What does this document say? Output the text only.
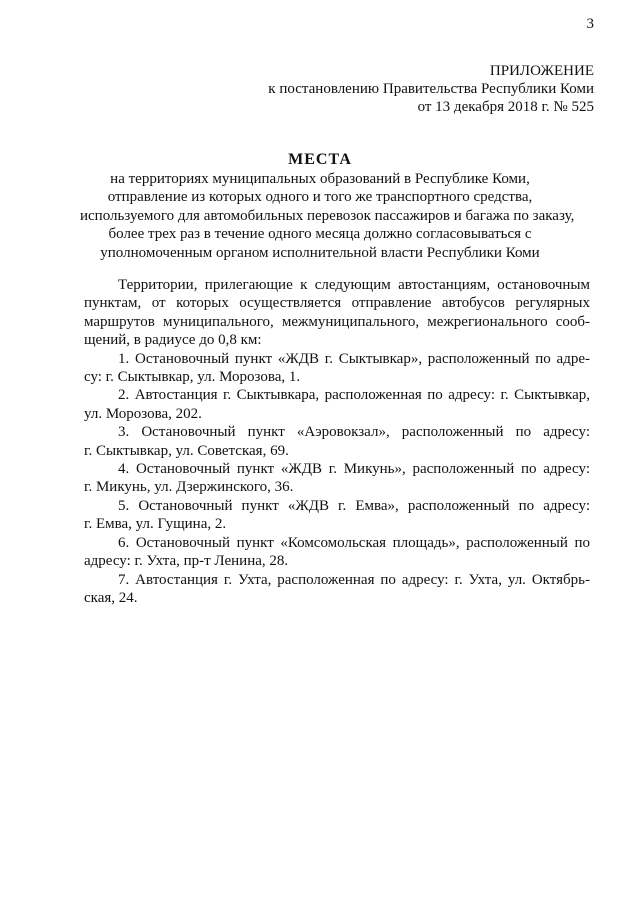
3
ПРИЛОЖЕНИЕ
к постановлению Правительства Республики Коми
от 13 декабря 2018 г. № 525
МЕСТА
на территориях муниципальных образований в Республике Коми,
отправление из которых одного и того же транспортного средства,
используемого для автомобильных перевозок пассажиров и багажа по заказу,
более трех раз в течение одного месяца должно согласовываться с
уполномоченным органом исполнительной власти Республики Коми
Территории, прилегающие к следующим автостанциям, остановочным
пунктам, от которых осуществляется отправление автобусов регулярных
маршрутов муниципального, межмуниципального, межрегионального сооб-
щений, в радиусе до 0,8 км:
1. Остановочный пункт «ЖДВ г. Сыктывкар», расположенный по адре-
су: г. Сыктывкар, ул. Морозова, 1.
2. Автостанция г. Сыктывкара, расположенная по адресу: г. Сыктывкар,
ул. Морозова, 202.
3. Остановочный пункт «Аэровокзал», расположенный по адресу:
г. Сыктывкар, ул. Советская, 69.
4. Остановочный пункт «ЖДВ г. Микунь», расположенный по адресу:
г. Микунь, ул. Дзержинского, 36.
5. Остановочный пункт «ЖДВ г. Емва», расположенный по адресу:
г. Емва, ул. Гущина, 2.
6. Остановочный пункт «Комсомольская площадь», расположенный по
адресу: г. Ухта, пр-т Ленина, 28.
7. Автостанция г. Ухта, расположенная по адресу: г. Ухта, ул. Октябрь-
ская, 24.
